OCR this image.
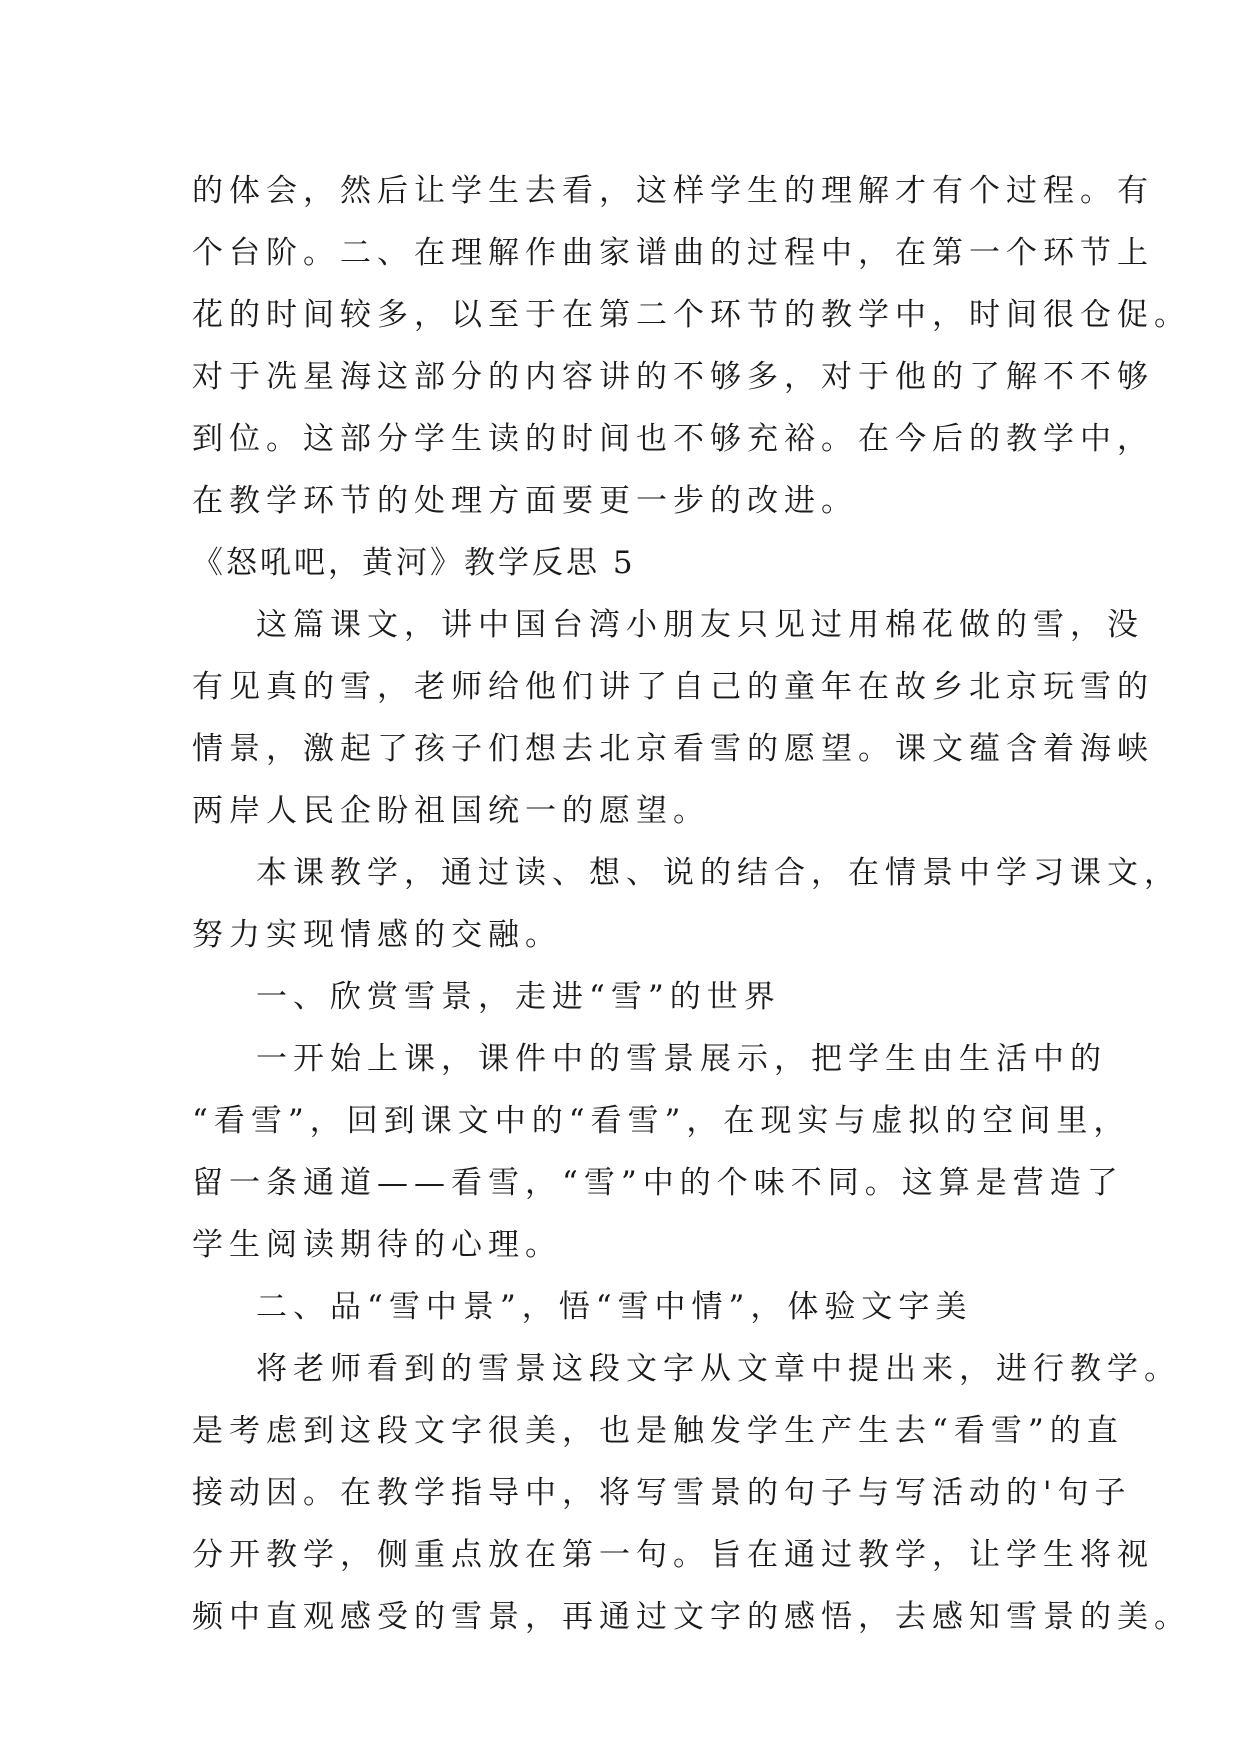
的体会，然后让学生去看，这样学生的理解才有个过程。有
个台阶。二、在理解作曲家谱曲的过程中，在第一个环节上
花的时间较多，以至于在第二个环节的教学中，时间很仓促。
对于冼星海这部分的内容讲的不够多，对于他的了解不不够
到位。这部分学生读的时间也不够充裕。在今后的教学中，
在教学环节的处理方面要更一步的改进。
《怒吼吧，黄河》教学反思 5
这篇课文，讲中国台湾小朋友只见过用棉花做的雪，没
有见真的雪，老师给他们讲了自己的童年在故乡北京玩雪的
情景，激起了孩子们想去北京看雪的愿望。课文蕴含着海峡
两岸人民企盼祖国统一的愿望。
本课教学，通过读、想、说的结合，在情景中学习课文，
努力实现情感的交融。
一、欣赏雪景，走进“雪”的世界
一开始上课，课件中的雪景展示，把学生由生活中的
“看雪”，回到课文中的“看雪”，在现实与虚拟的空间里，
留一条通道——看雪，“雪”中的个味不同。这算是营造了
学生阅读期待的心理。
二、品“雪中景”，悟“雪中情”，体验文字美
将老师看到的雪景这段文字从文章中提出来，进行教学。
是考虑到这段文字很美，也是触发学生产生去“看雪”的直
接动因。在教学指导中，将写雪景的句子与写活动的'句子
分开教学，侧重点放在第一句。旨在通过教学，让学生将视
频中直观感受的雪景，再通过文字的感悟，去感知雪景的美。
